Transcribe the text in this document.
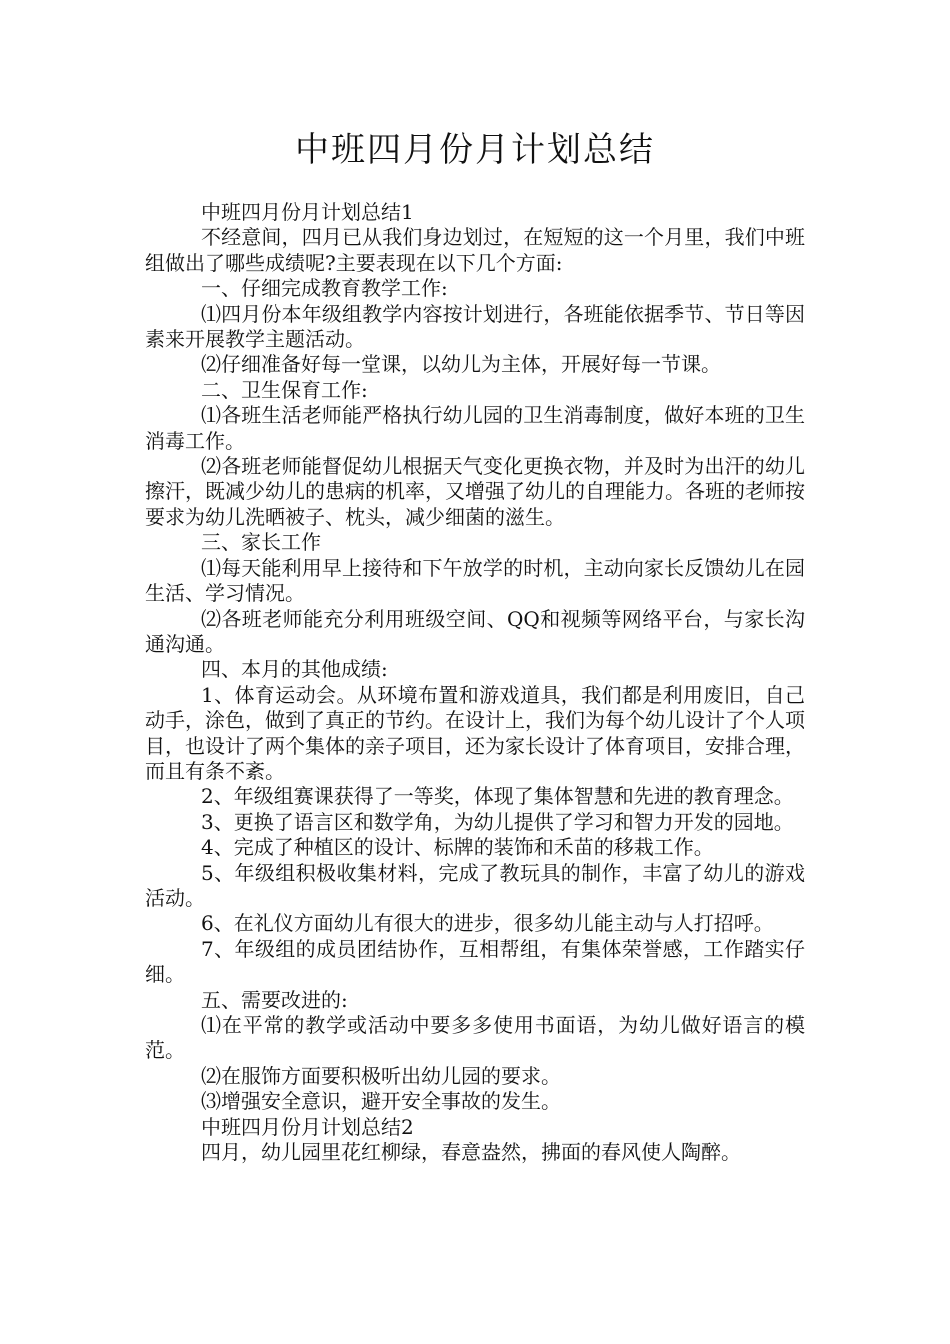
中班四月份月计划总结

中班四月份月计划总结1

不经意间，四月已从我们身边划过，在短短的这一个月里，我们中班组做出了哪些成绩呢?主要表现在以下几个方面:

一、仔细完成教育教学工作:

⑴四月份本年级组教学内容按计划进行，各班能依据季节、节日等因素来开展教学主题活动。

⑵仔细准备好每一堂课，以幼儿为主体，开展好每一节课。

二、卫生保育工作:

⑴各班生活老师能严格执行幼儿园的卫生消毒制度，做好本班的卫生消毒工作。

⑵各班老师能督促幼儿根据天气变化更换衣物，并及时为出汗的幼儿擦汗，既减少幼儿的患病的机率，又增强了幼儿的自理能力。各班的老师按要求为幼儿洗晒被子、枕头，减少细菌的滋生。

三、家长工作

⑴每天能利用早上接待和下午放学的时机，主动向家长反馈幼儿在园生活、学习情况。

⑵各班老师能充分利用班级空间、QQ和视频等网络平台，与家长沟通沟通。

四、本月的其他成绩:

1、体育运动会。从环境布置和游戏道具，我们都是利用废旧，自己动手，涂色，做到了真正的节约。在设计上，我们为每个幼儿设计了个人项目，也设计了两个集体的亲子项目，还为家长设计了体育项目，安排合理，而且有条不紊。

2、年级组赛课获得了一等奖，体现了集体智慧和先进的教育理念。

3、更换了语言区和数学角，为幼儿提供了学习和智力开发的园地。

4、完成了种植区的设计、标牌的装饰和禾苗的移栽工作。

5、年级组积极收集材料，完成了教玩具的制作，丰富了幼儿的游戏活动。

6、在礼仪方面幼儿有很大的进步，很多幼儿能主动与人打招呼。

7、年级组的成员团结协作，互相帮组，有集体荣誉感，工作踏实仔细。

五、需要改进的:

⑴在平常的教学或活动中要多多使用书面语，为幼儿做好语言的模范。

⑵在服饰方面要积极听出幼儿园的要求。

⑶增强安全意识，避开安全事故的发生。

中班四月份月计划总结2

四月，幼儿园里花红柳绿，春意盎然，拂面的春风使人陶醉。
